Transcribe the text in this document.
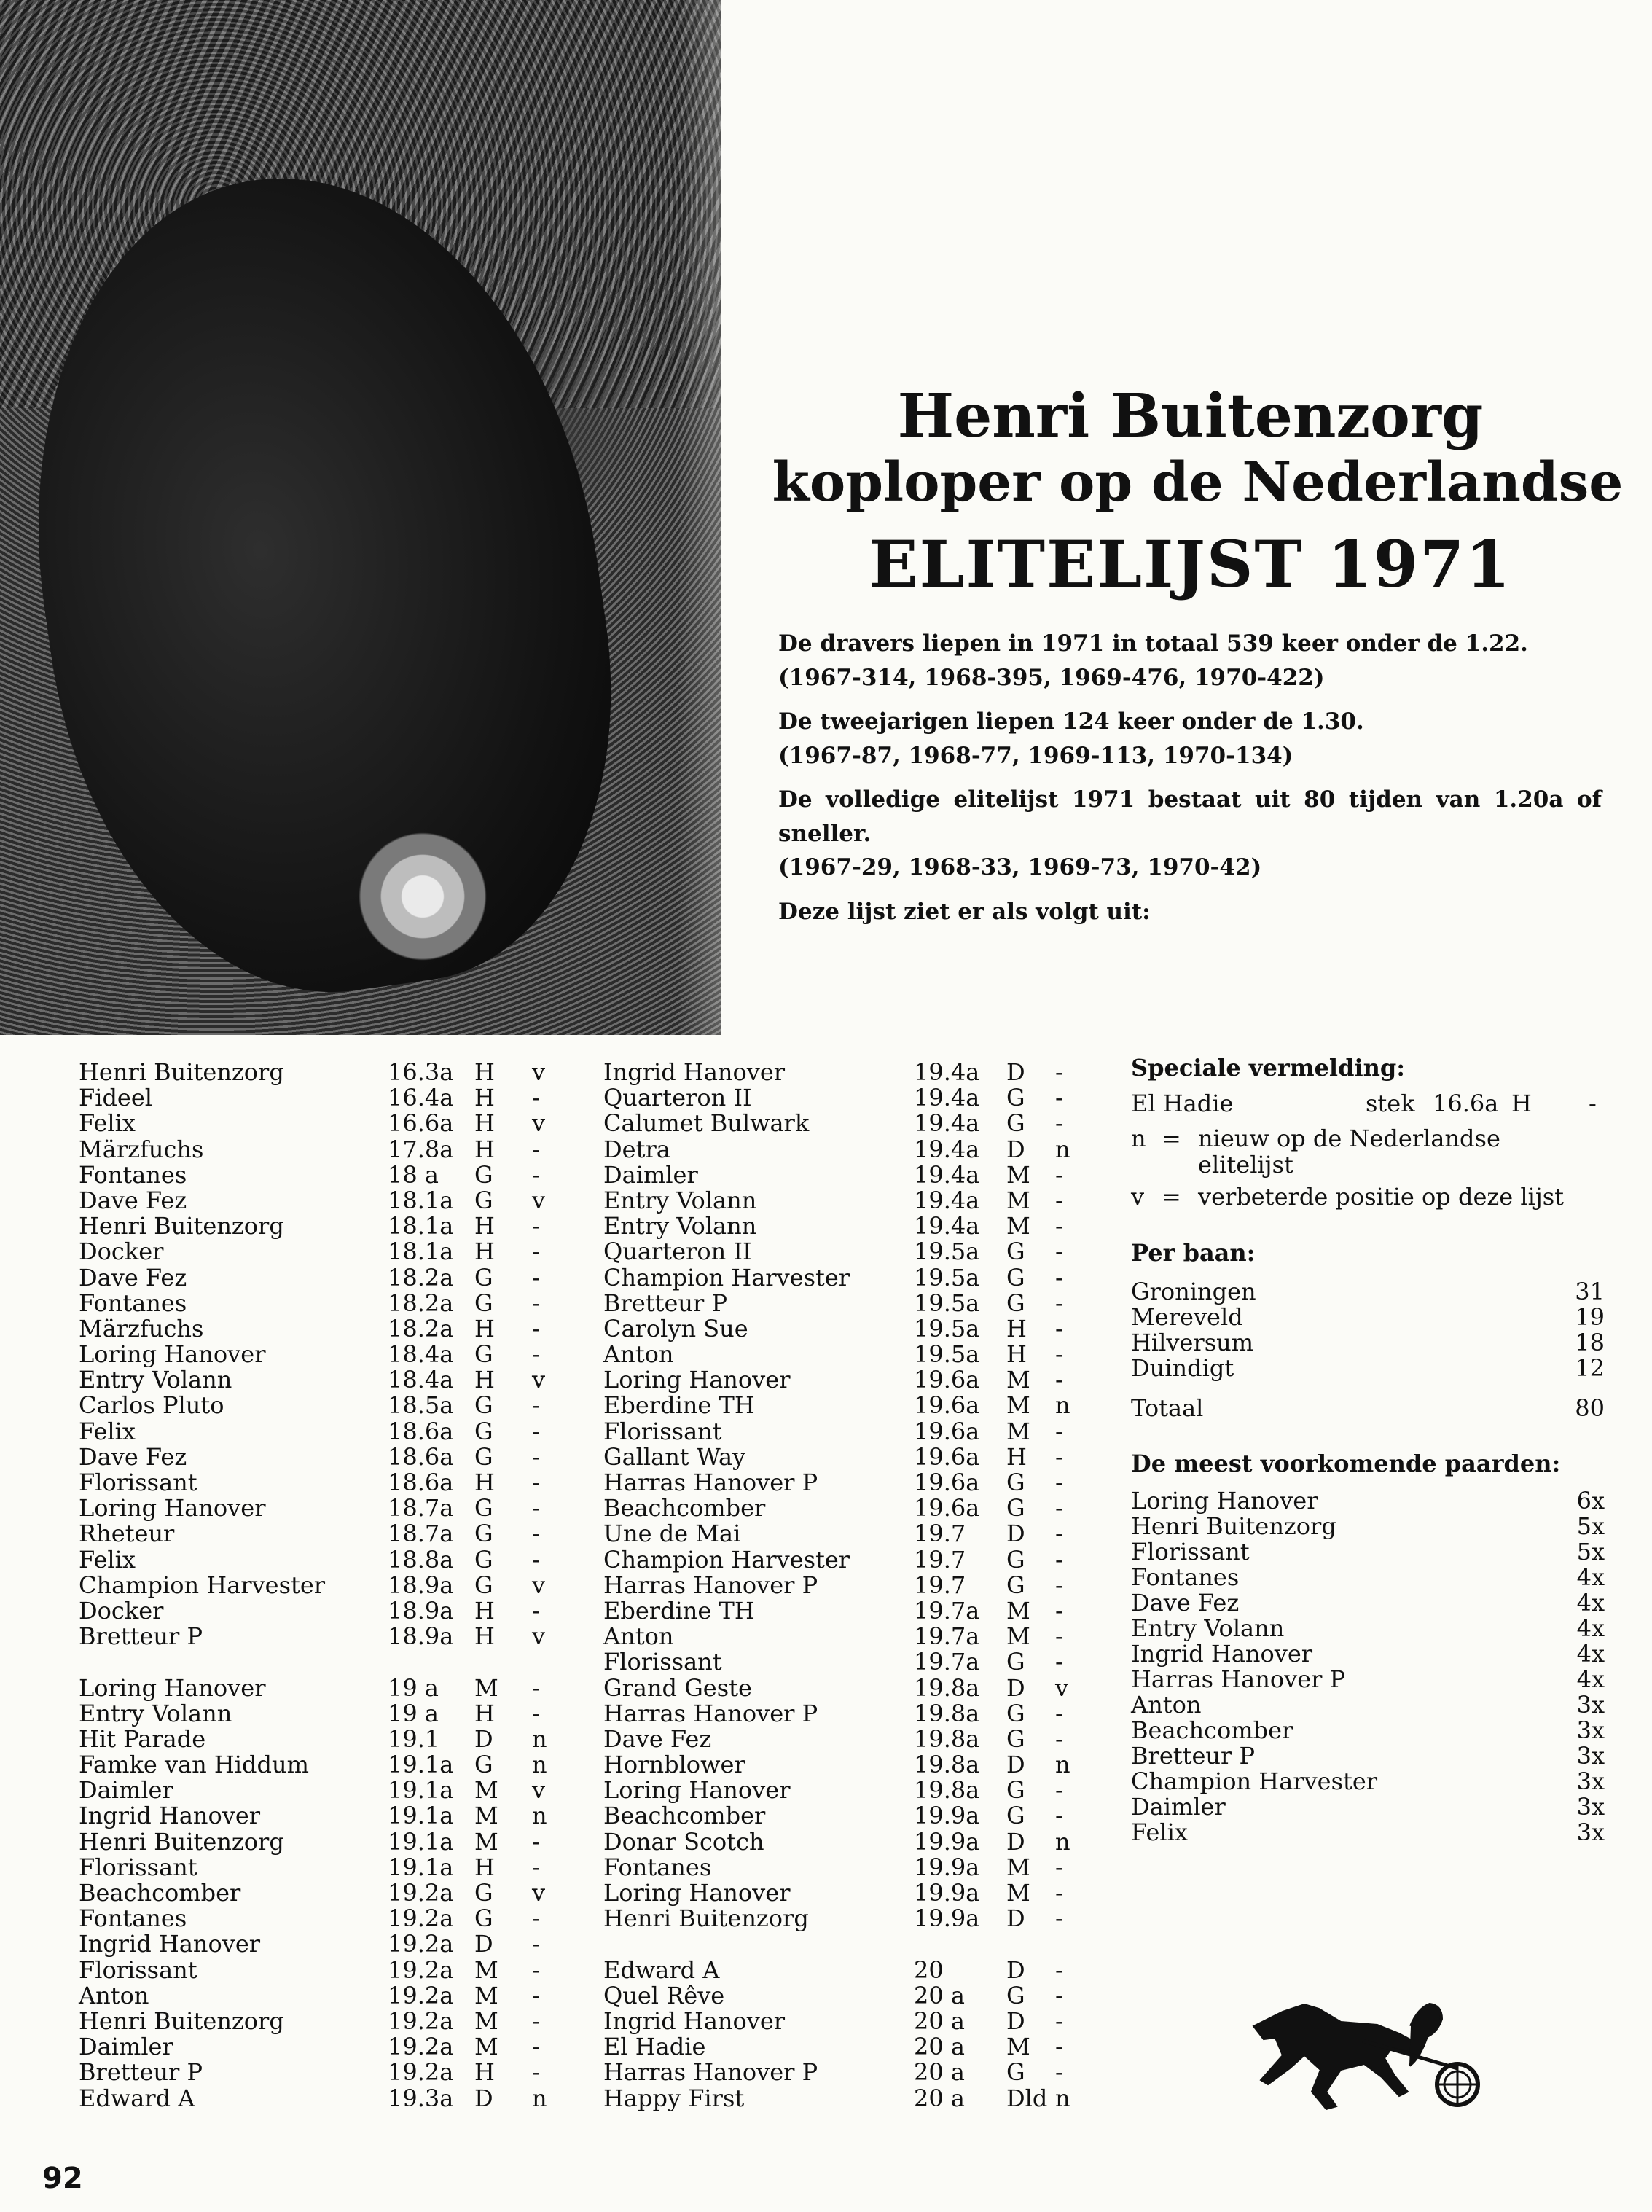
Henri Buitenzorg
koploper op de Nederlandse
ELITELIJST 1971

De dravers liepen in 1971 in totaal 539 keer onder de 1.22.

(1967-314, 1968-395, 1969-476, 1970-422)

De tweejarigen liepen 124 keer onder de 1.30.

(1967-87, 1968-77, 1969-113, 1970-134)

De volledige elitelijst 1971 bestaat uit 80 tijden van 1.20a of sneller.

(1967-29, 1968-33, 1969-73, 1970-42)

Deze lijst ziet er als volgt uit:

Henri Buitenzorg	16.3a H v
Fideel	16.4a H -
Felix	16.6a H v
Märzfuchs	17.8a H -
Fontanes	18 a G -
Dave Fez	18.1a G v
Henri Buitenzorg	18.1a H -
Docker	18.1a H -
Dave Fez	18.2a G -
Fontanes	18.2a G -
Märzfuchs	18.2a H -
Loring Hanover	18.4a G -
Entry Volann	18.4a H v
Carlos Pluto	18.5a G -
Felix	18.6a G -
Dave Fez	18.6a G -
Florissant	18.6a H -
Loring Hanover	18.7a G -
Rheteur	18.7a G -
Felix	18.8a G -
Champion Harvester	18.9a G v
Docker	18.9a H -
Bretteur P	18.9a H v
Loring Hanover	19 a M -
Entry Volann	19 a H -
Hit Parade	19.1 D n
Famke van Hiddum	19.1a G n
Daimler	19.1a M v
Ingrid Hanover	19.1a M n
Henri Buitenzorg	19.1a M -
Florissant	19.1a H -
Beachcomber	19.2a G v
Fontanes	19.2a G -
Ingrid Hanover	19.2a D -
Florissant	19.2a M -
Anton	19.2a M -
Henri Buitenzorg	19.2a M -
Daimler	19.2a M -
Bretteur P	19.2a H -
Edward A	19.3a D n
Ingrid Hanover	19.4a D -
Quarteron II	19.4a G -
Calumet Bulwark	19.4a G -
Detra	19.4a D n
Daimler	19.4a M -
Entry Volann	19.4a M -
Entry Volann	19.4a M -
Quarteron II	19.5a G -
Champion Harvester	19.5a G -
Bretteur P	19.5a G -
Carolyn Sue	19.5a H -
Anton	19.5a H -
Loring Hanover	19.6a M -
Eberdine TH	19.6a M n
Florissant	19.6a M -
Gallant Way	19.6a H -
Harras Hanover P	19.6a G -
Beachcomber	19.6a G -
Une de Mai	19.7 D -
Champion Harvester	19.7 G -
Harras Hanover P	19.7 G -
Eberdine TH	19.7a M -
Anton	19.7a M -
Florissant	19.7a G -
Grand Geste	19.8a D v
Harras Hanover P	19.8a G -
Dave Fez	19.8a G -
Hornblower	19.8a D n
Loring Hanover	19.8a G -
Beachcomber	19.9a G -
Donar Scotch	19.9a D n
Fontanes	19.9a M -
Loring Hanover	19.9a M -
Henri Buitenzorg	19.9a D -
Edward A	20	D -
Quel Rêve	20 a G -
Ingrid Hanover	20 a D -
El Hadie	20 a M -
Harras Hanover P	20 a G -
Happy First	20 a Dld n
Speciale vermelding:
El Hadie	stek 16.6a H -
n = nieuw op de Nederlandse
elitelijst
v = verbeterde positie op deze lijst
Per baan:
Groningen	31
Mereveld	19
Hilversum	18
Duindigt	12
Totaal	80
De meest voorkomende paarden:
Loring Hanover	6x
Henri Buitenzorg	5x
Florissant	5x
Fontanes	4x
Dave Fez	4x
Entry Volann	4x
Ingrid Hanover	4x
Harras Hanover P	4x
Anton	3x
Beachcomber	3x
Bretteur P	3x
Champion Harvester	3x
Daimler	3x
Felix	3x
92
